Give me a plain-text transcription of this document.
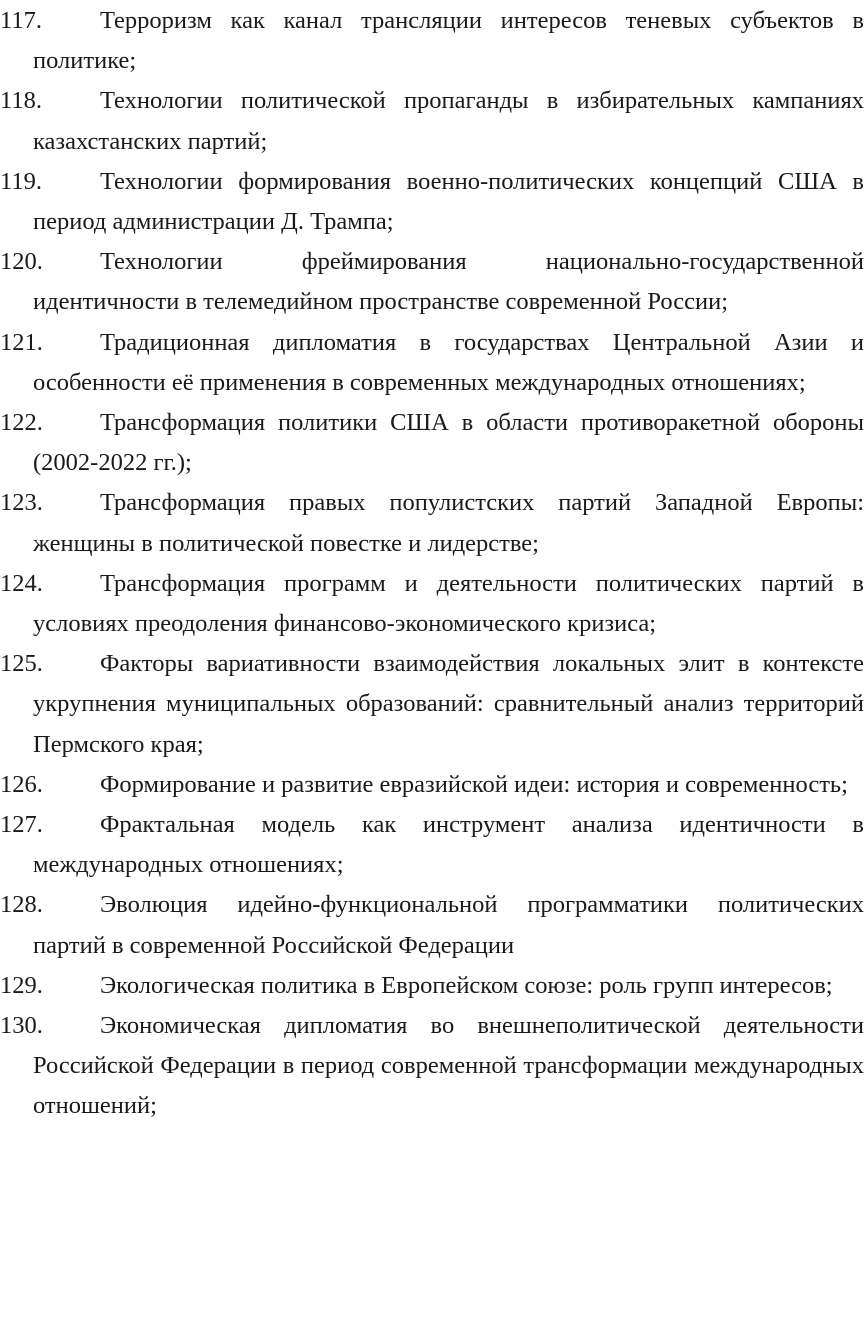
117.	Терроризм как канал трансляции интересов теневых субъектов в политике;
118.	Технологии политической пропаганды в избирательных кампаниях казахстанских партий;
119.	Технологии формирования военно-политических концепций США в период администрации Д. Трампа;
120.	Технологии фреймирования национально-государственной идентичности в телемедийном пространстве современной России;
121.	Традиционная дипломатия в государствах Центральной Азии и особенности её применения в современных международных отношениях;
122.	Трансформация политики США в области противоракетной обороны (2002-2022 гг.);
123.	Трансформация правых популистских партий Западной Европы: женщины в политической повестке и лидерстве;
124.	Трансформация программ и деятельности политических партий в условиях преодоления финансово-экономического кризиса;
125.	Факторы вариативности взаимодействия локальных элит в контексте укрупнения муниципальных образований: сравнительный анализ территорий Пермского края;
126.	Формирование и развитие евразийской идеи: история и современность;
127.	Фрактальная модель как инструмент анализа идентичности в международных отношениях;
128.	Эволюция идейно-функциональной программатики политических партий в современной Российской Федерации
129.	Экологическая политика в Европейском союзе: роль групп интересов;
130.	Экономическая дипломатия во внешнеполитической деятельности Российской Федерации в период современной трансформации международных отношений;
